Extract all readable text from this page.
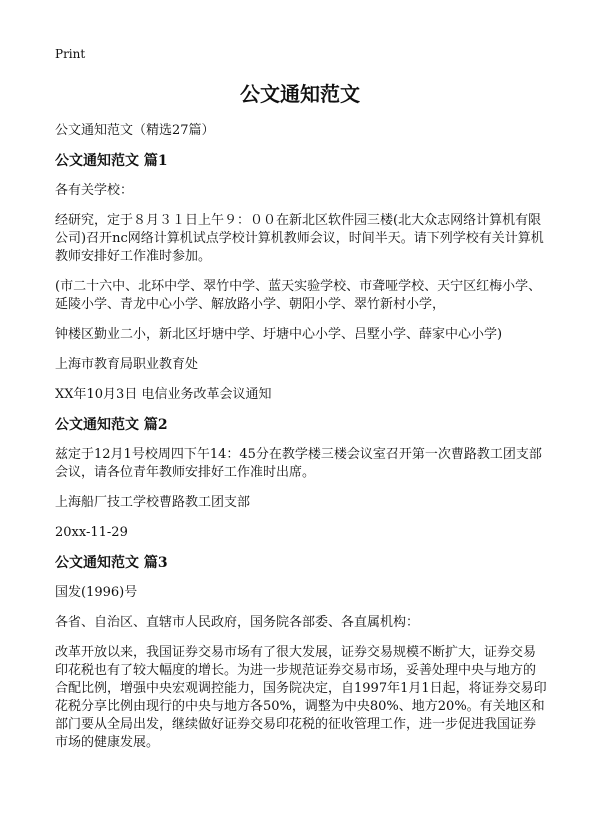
Print
公文通知范文

公文通知范文（精选27篇）

公文通知范文 篇1

各有关学校：

经研究，定于８月３１日上午９：００在新北区软件园三楼(北大众志网络计算机有限公司)召开nc网络计算机试点学校计算机教师会议，时间半天。请下列学校有关计算机教师安排好工作准时参加。

(市二十六中、北环中学、翠竹中学、蓝天实验学校、市聋哑学校、天宁区红梅小学、延陵小学、青龙中心小学、解放路小学、朝阳小学、翠竹新村小学，

钟楼区勤业二小，新北区圩塘中学、圩塘中心小学、吕墅小学、薛家中心小学)

上海市教育局职业教育处

XX年10月3日 电信业务改革会议通知

公文通知范文 篇2

兹定于12月1号校周四下午14：45分在教学楼三楼会议室召开第一次曹路教工团支部会议，请各位青年教师安排好工作准时出席。

上海船厂技工学校曹路教工团支部

20xx-11-29

公文通知范文 篇3

国发(1996)号

各省、自治区、直辖市人民政府，国务院各部委、各直属机构：

改革开放以来，我国证券交易市场有了很大发展，证券交易规模不断扩大，证券交易印花税也有了较大幅度的增长。为进一步规范证券交易市场，妥善处理中央与地方的合配比例，增强中央宏观调控能力，国务院决定，自1997年1月1日起，将证券交易印花税分享比例由现行的中央与地方各50%，调整为中央80%、地方20%。有关地区和部门要从全局出发，继续做好证券交易印花税的征收管理工作，进一步促进我国证券市场的健康发展。
